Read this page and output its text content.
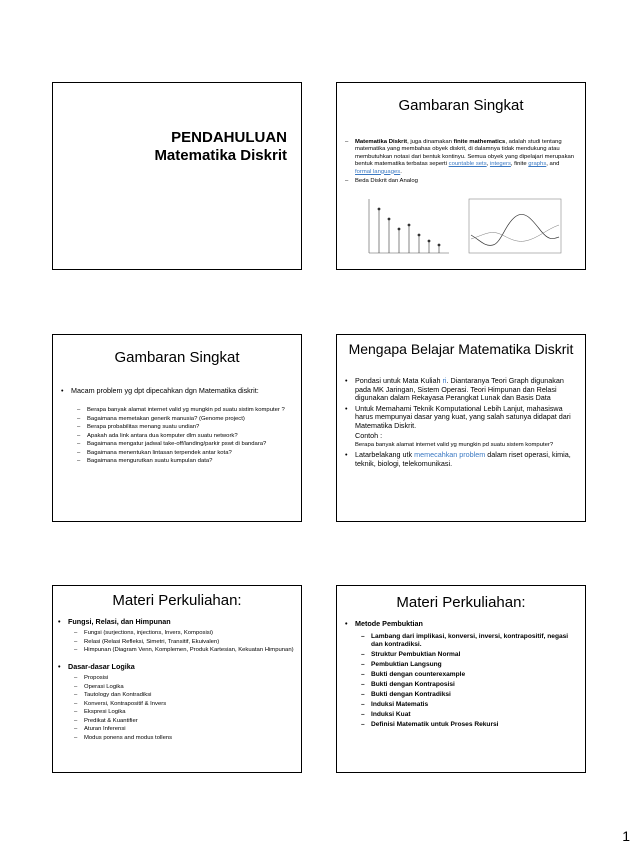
PENDAHULUAN
Matematika Diskrit
Gambaran Singkat
– Matematika Diskrit, juga dinamakan finite mathematics, adalah studi tentang matematika yang membahas obyek diskrit, di dalamnya tidak mendukung atau membutuhkan notasi dari bentuk kontinyu. Semua obyek yang dipelajari merupakan bentuk matematika terbatas seperti countable sets, integers, finite graphs, and formal languages.
– Beda Diskrit dan Analog
Gambaran Singkat
• Macam problem yg dpt dipecahkan dgn Matematika diskrit:
– Berapa banyak alamat internet valid yg mungkin pd suatu sistim komputer ?
– Bagaimana memetakan generik manusia? (Genome project)
– Berapa probabilitas menang suatu undian?
– Apakah ada link antara dua komputer dlm suatu network?
– Bagaimana mengatur jadwal take-off/landing/parkir pswt di bandara?
– Bagaimana menentukan lintasan terpendek antar kota?
– Bagaimana mengurutkan suatu kumpulan data?
Mengapa Belajar Matematika Diskrit
• Pondasi untuk Mata Kuliah ri. Diantaranya Teori Graph digunakan pada MK Jaringan, Sistem Operasi. Teori Himpunan dan Relasi digunakan dalam Rekayasa Perangkat Lunak dan Basis Data
• Untuk Memahami Teknik Komputational Lebih Lanjut, mahasiswa harus mempunyai dasar yang kuat, yang salah satunya didapat dari Matematika Diskrit.
Contoh :
Berapa banyak alamat internet valid yg mungkin pd suatu sistem komputer?
• Latarbelakang utk memecahkan problem dalam riset operasi, kimia, teknik, biologi, telekomunikasi.
Materi Perkuliahan:
• Fungsi, Relasi, dan Himpunan
– Fungsi (surjections, injections, Invers, Komposisi)
– Relasi (Relasi Refleksi, Simetri, Transitif, Ekuivalen)
– Himpunan (Diagram Venn, Komplemen, Produk Kartesian, Kekuatan Himpunan)
• Dasar-dasar Logika
– Proposisi
– Operasi Logika
– Tautology dan Kontradiksi
– Konversi, Kontrapositif & Invers
– Ekspresi Logika
– Predikat & Kuantifier
– Aturan Inferensi
– Modus ponens and modus tollens
Materi Perkuliahan:
• Metode Pembuktian
– Lambang dari implikasi, konversi, inversi, kontrapositif, negasi dan kontradiksi.
– Struktur Pembuktian Normal
– Pembuktian Langsung
– Bukti dengan counterexample
– Bukti dengan Kontraposisi
– Bukti dengan Kontradiksi
– Induksi Matematis
– Induksi Kuat
– Definisi Matematik untuk Proses Rekursi
1
